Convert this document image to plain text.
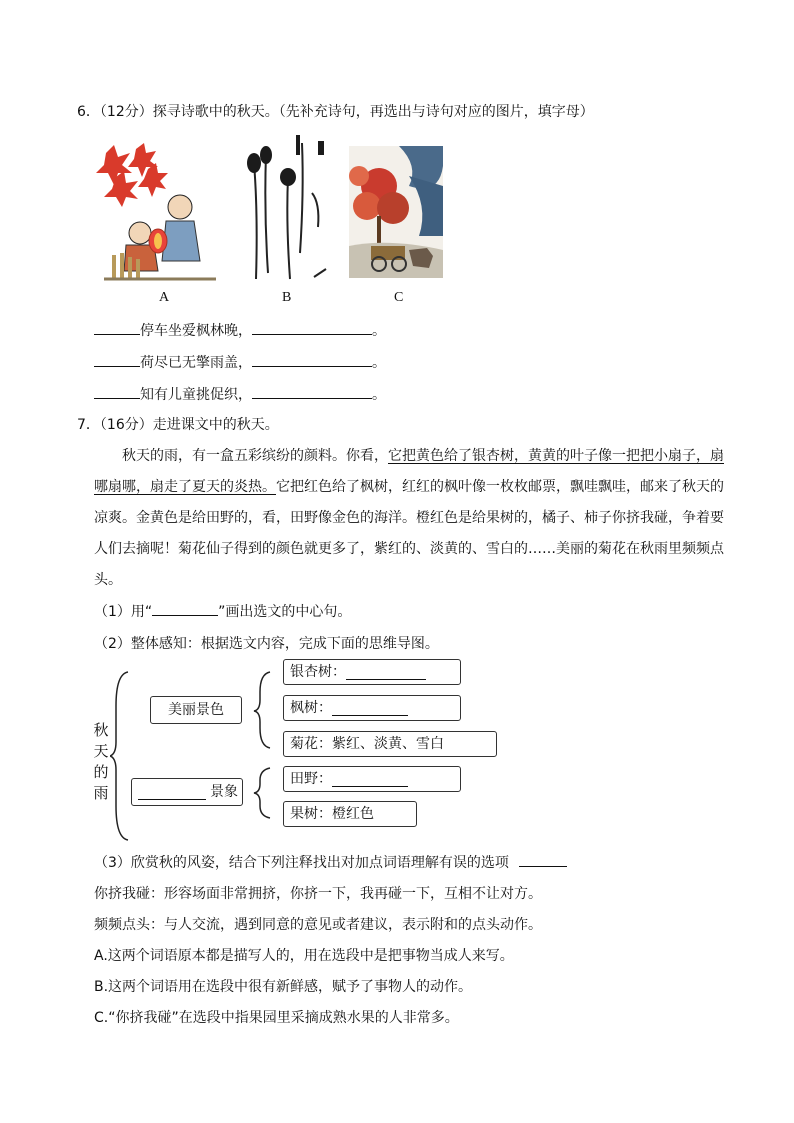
6．（12分）探寻诗歌中的秋天。（先补充诗句，再选出与诗句对应的图片，填字母）
A	B	C
停车坐爱枫林晚，	。
荷尽已无擎雨盖，	。
知有儿童挑促织，	。
7．（16分）走进课文中的秋天。
秋天的雨，有一盒五彩缤纷的颜料。你看，它把黄色给了银杏树，黄黄的叶子像一把把小扇子，扇
哪扇哪，扇走了夏天的炎热。它把红色给了枫树，红红的枫叶像一枚枚邮票，飘哇飘哇，邮来了秋天的
凉爽。金黄色是给田野的，看，田野像金色的海洋。橙红色是给果树的，橘子、柿子你挤我碰，争着要
人们去摘呢！菊花仙子得到的颜色就更多了，紫红的、淡黄的、雪白的……美丽的菊花在秋雨里频频点
头。
（1）用“	”画出选文的中心句。
（2）整体感知：根据选文内容，完成下面的思维导图。
秋天的雨
美丽景色
银杏树：
枫树：
菊花：紫红、淡黄、雪白
景象
田野：
果树：橙红色
（3）欣赏秋的风姿，结合下列注释找出对加点词语理解有误的选项
你挤我碰：形容场面非常拥挤，你挤一下，我再碰一下，互相不让对方。
频频点头：与人交流，遇到同意的意见或者建议，表示附和的点头动作。
A.这两个词语原本都是描写人的，用在选段中是把事物当成人来写。
B.这两个词语用在选段中很有新鲜感，赋予了事物人的动作。
C.“你挤我碰”在选段中指果园里采摘成熟水果的人非常多。
